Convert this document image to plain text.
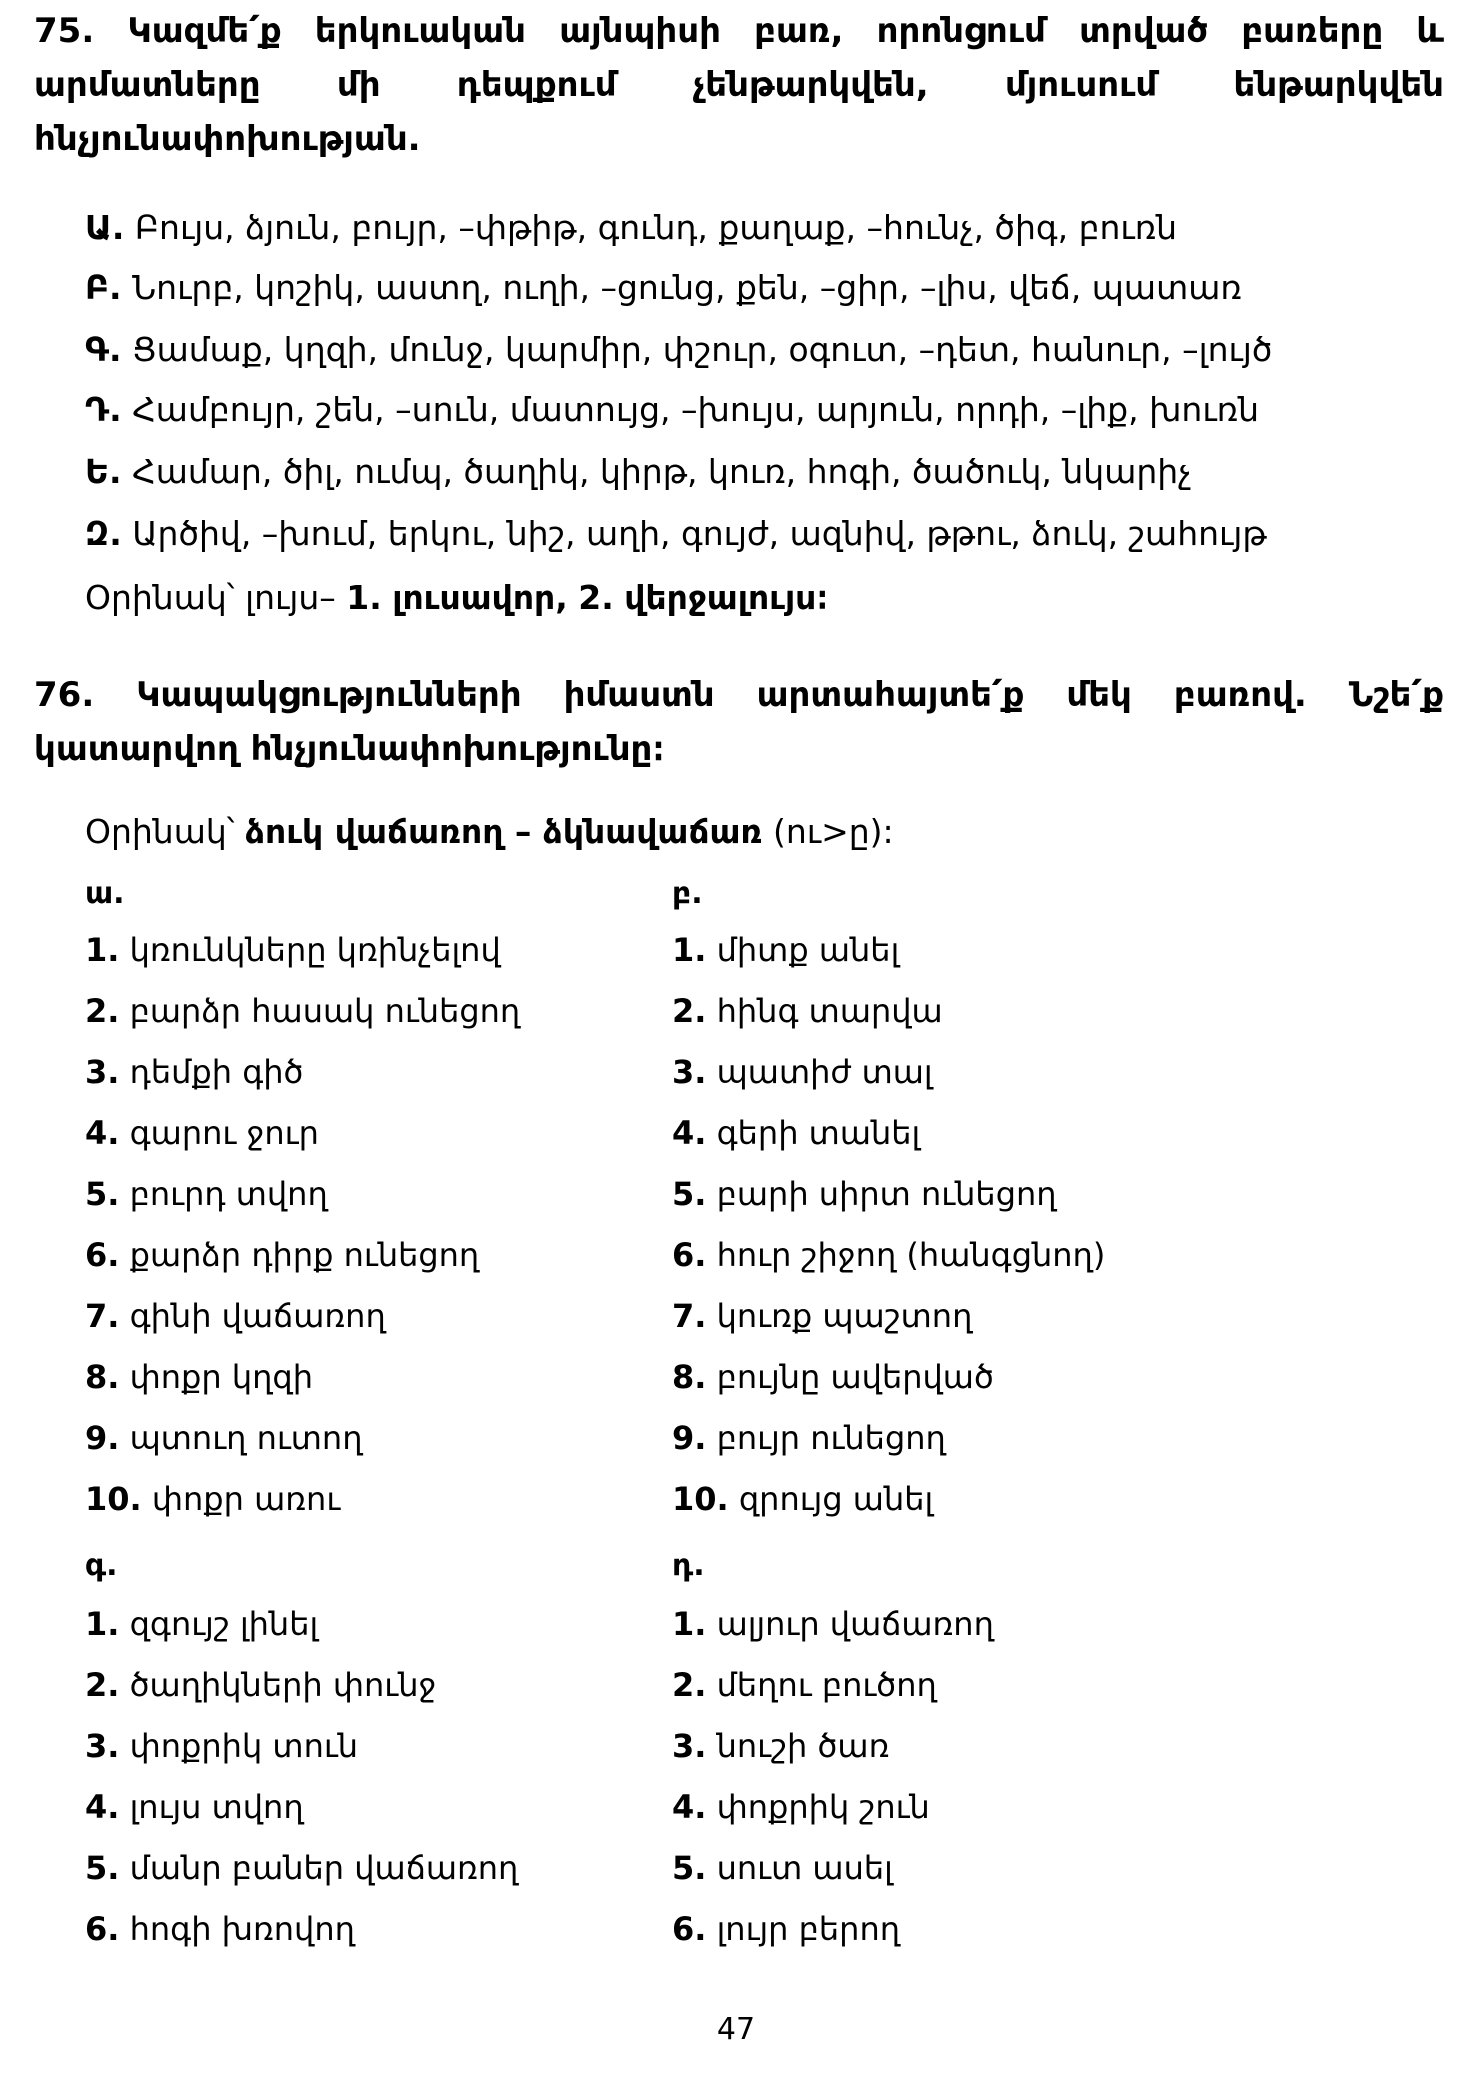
75. Կազմե՛ք երկուական այնպիսի բառ, որոնցում տրված բառերը և արմատները մի դեպքում չենթարկվեն, մյուսում ենթարկվեն հնչյունափոխության.
Ա. Բույս, ձյուն, բույր, –փթիթ, գունդ, քաղաք, –հունչ, ծիգ, բուռն
Բ. Նուրբ, կոշիկ, աստղ, ուղի, –ցունց, քեն, –ցիր, –լիս, վեճ, պատառ
Գ. Ցամաք, կղզի, մունջ, կարմիր, փշուր, օգուտ, –դետ, հանուր, –լույծ
Դ. Համբույր, շեն, –սուն, մատույց, –խույս, արյուն, որդի, –լիք, խուռն
Ե. Համար, ծիլ, ումպ, ծաղիկ, կիրթ, կուռ, հոգի, ծածուկ, նկարիչ
Զ. Արծիվ, –խում, երկու, նիշ, աղի, գույժ, ազնիվ, թթու, ձուկ, շահույթ
Օրինակ՝ լույս– 1. լուսավոր, 2. վերջալույս։
76. Կապակցությունների իմաստն արտահայտե՛ք մեկ բառով. Նշե՛ք կատարվող հնչյունափոխությունը։
Օրինակ՝ ձուկ վաճառող – ձկնավաճառ (ու>ը):
ա.	բ.
1. կռունկները կռինչելով
2. բարձր հասակ ունեցող
3. դեմքի գիծ
4. գարու ջուր
5. բուրդ տվող
6. քարձր դիրք ունեցող
7. գինի վաճառող
8. փոքր կղզի
9. պտուղ ուտող
10. փոքր առու
1. միտք անել
2. հինգ տարվա
3. պատիժ տալ
4. գերի տանել
5. բարի սիրտ ունեցող
6. հուր շիջող (հանգցնող)
7. կուռք պաշտող
8. բույնը ավերված
9. բույր ունեցող
10. զրույց անել
գ.	դ.
1. զգույշ լինել
2. ծաղիկների փունջ
3. փոքրիկ տուն
4. լույս տվող
5. մանր բաներ վաճառող
6. հոգի խռովող
1. ալյուր վաճառող
2. մեղու բուծող
3. նուշի ծառ
4. փոքրիկ շուն
5. սուտ ասել
6. լույր բերող
47
